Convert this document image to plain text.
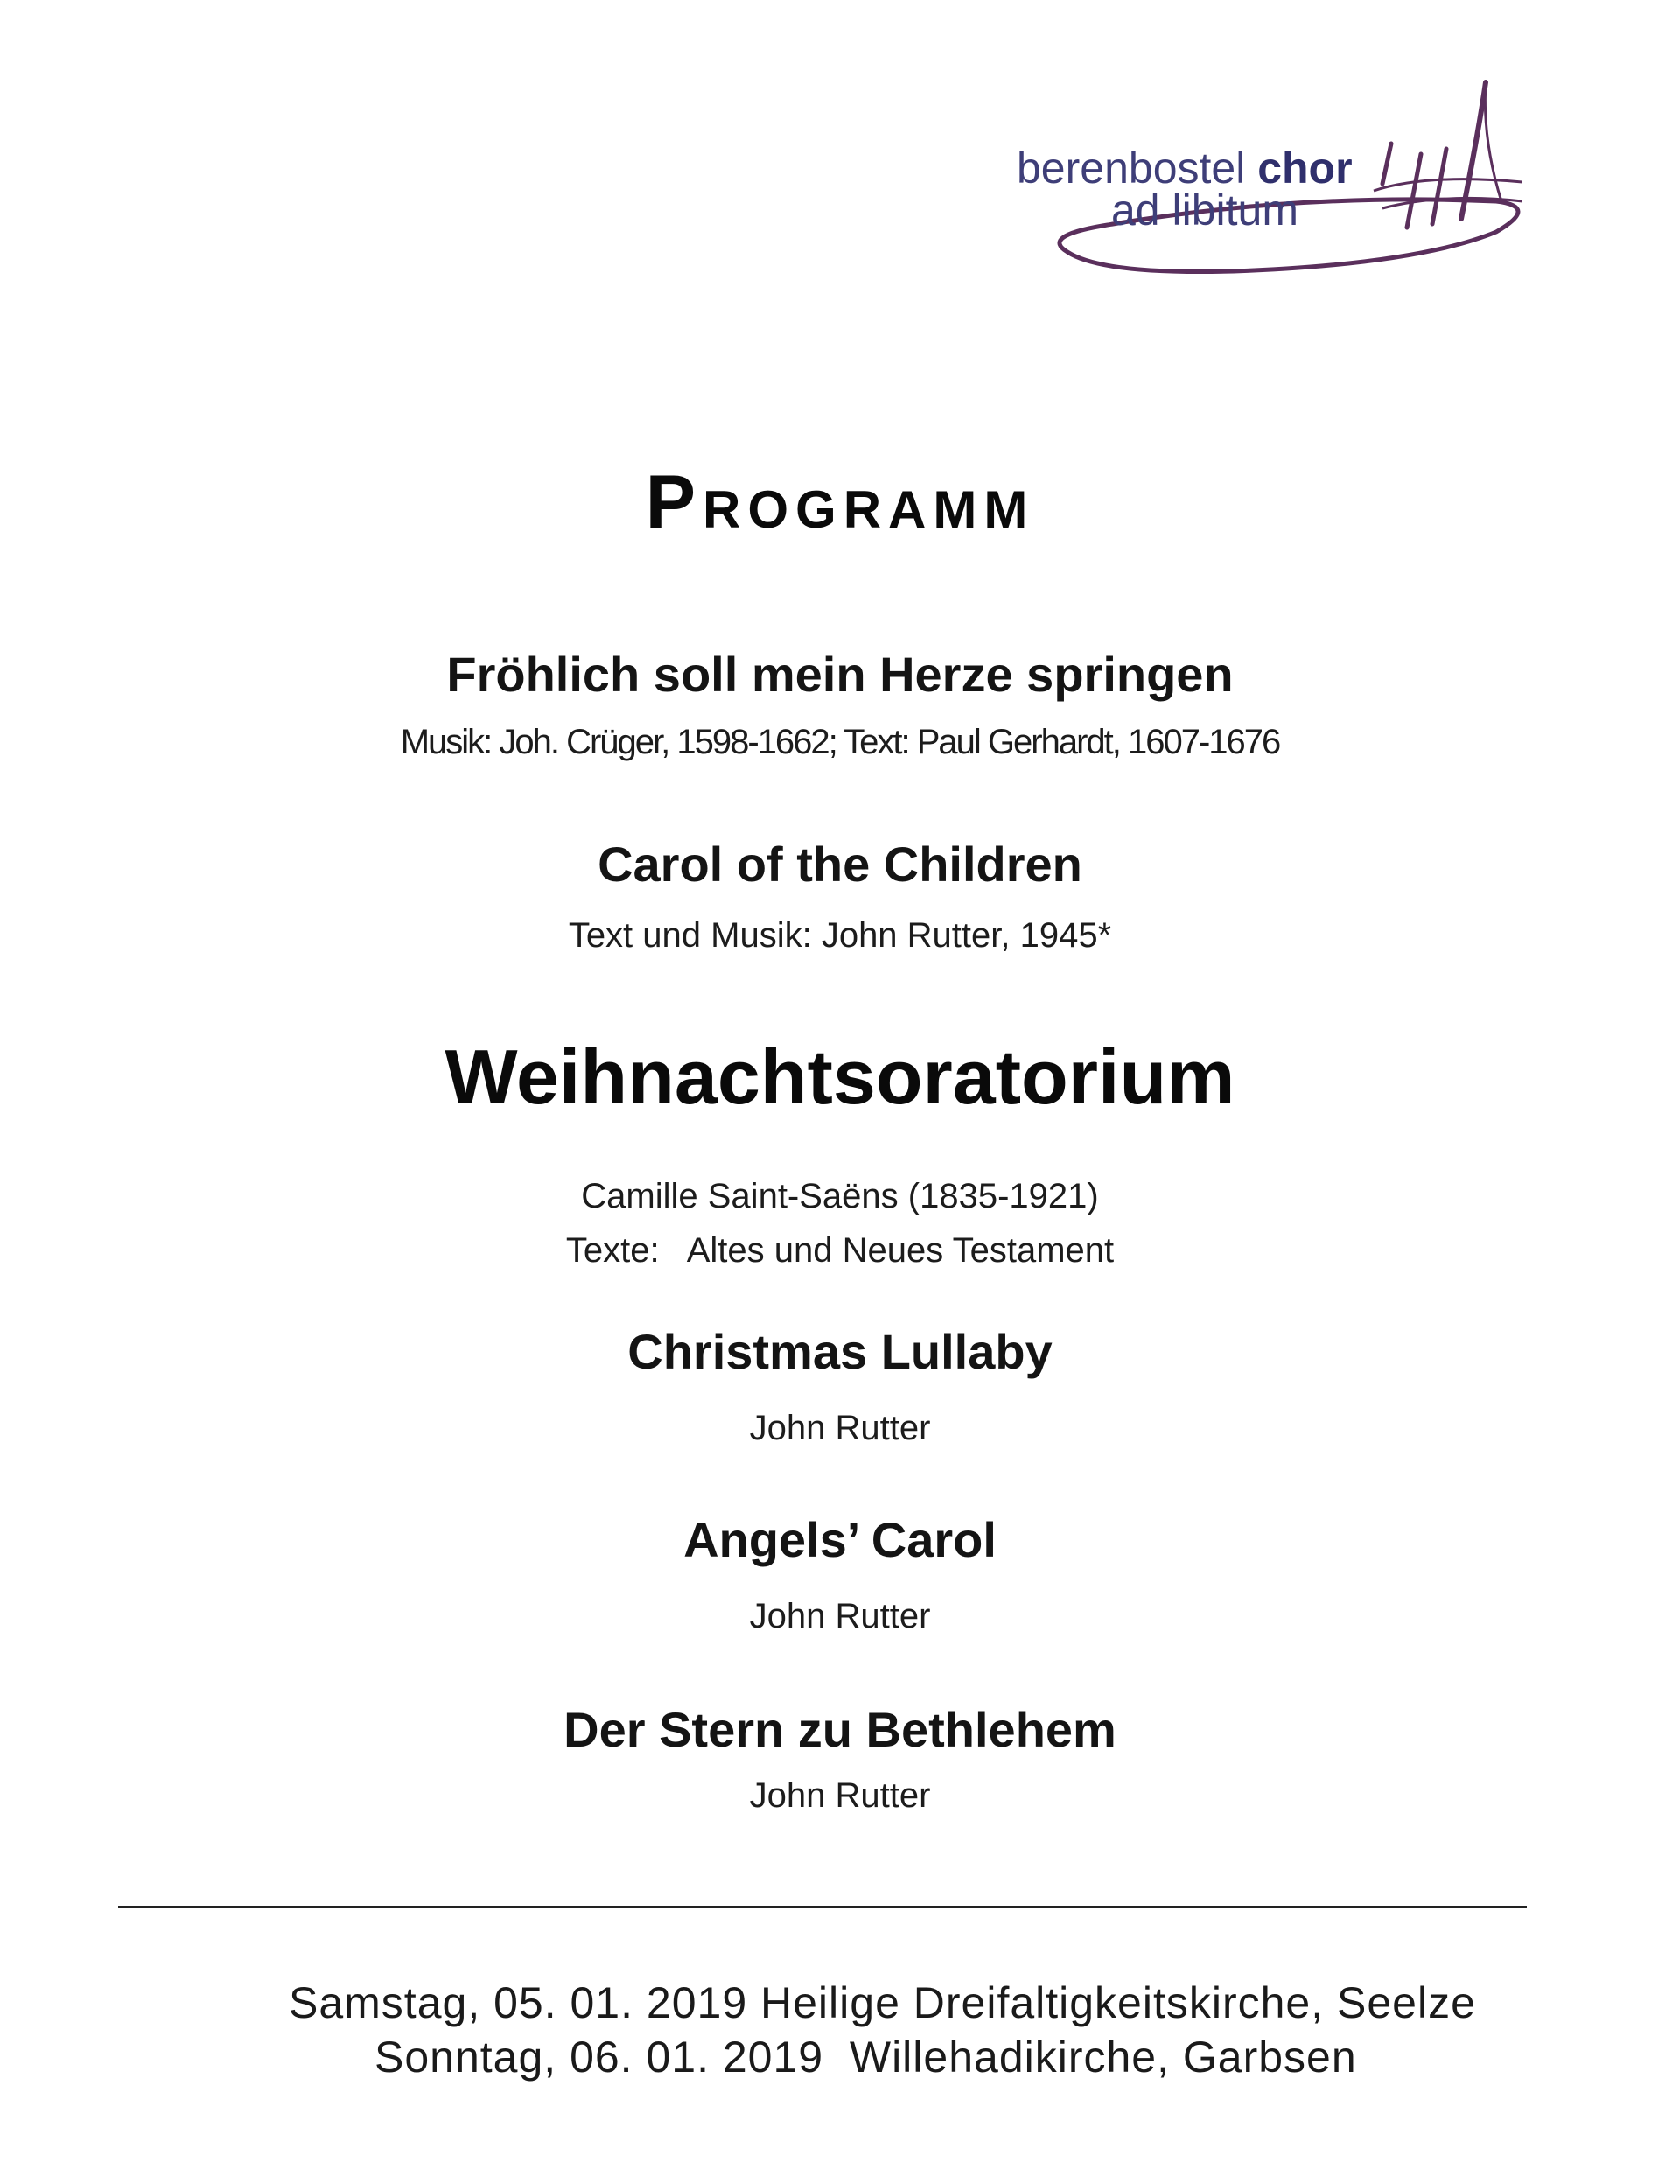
berenbostel chor
ad libitum
Programm
Fröhlich soll mein Herze springen
Musik: Joh. Crüger, 1598-1662; Text: Paul Gerhardt, 1607-1676
Carol of the Children
Text und Musik: John Rutter, 1945*
Weihnachtsoratorium
Camille Saint-Saëns (1835-1921)
Texte:   Altes und Neues Testament
Christmas Lullaby
John Rutter
Angels’ Carol
John Rutter
Der Stern zu Bethlehem
John Rutter
Samstag, 05. 01. 2019 Heilige Dreifaltigkeitskirche, Seelze
Sonntag, 06. 01. 2019  Willehadikirche, Garbsen
